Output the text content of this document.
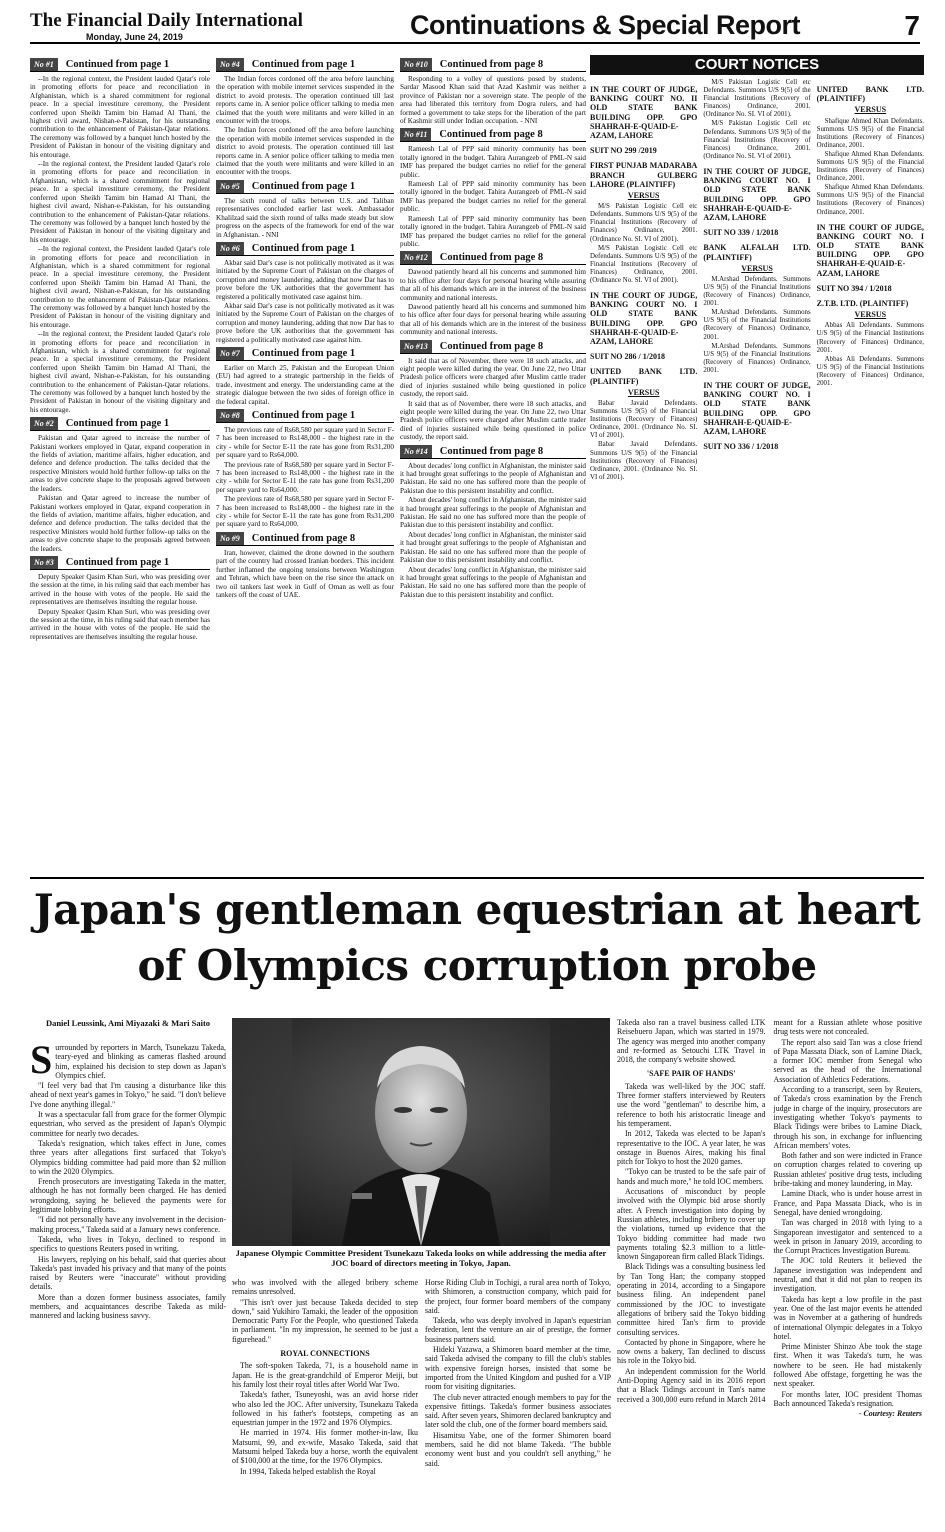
The Financial Daily International
Monday, June 24, 2019	Continuations & Special Report	7
No #1	Continued from page 1

--In the regional context, the President lauded Qatar's role in promoting efforts for peace and reconciliation in Afghanistan, which is a shared commitment for regional peace. In a special investiture ceremony, the President conferred upon Sheikh Tamim bin Hamad Al Thani, the highest civil award, Nishan-e-Pakistan, for his outstanding contribution to the enhancement of Pakistan-Qatar relations. The ceremony was followed by a banquet lunch hosted by the President of Pakistan in honour of the visiting dignitary and his entourage.

--In the regional context, the President lauded Qatar's role in promoting efforts for peace and reconciliation in Afghanistan, which is a shared commitment for regional peace. In a special investiture ceremony, the President conferred upon Sheikh Tamim bin Hamad Al Thani, the highest civil award, Nishan-e-Pakistan, for his outstanding contribution to the enhancement of Pakistan-Qatar relations. The ceremony was followed by a banquet lunch hosted by the President of Pakistan in honour of the visiting dignitary and his entourage.

--In the regional context, the President lauded Qatar's role in promoting efforts for peace and reconciliation in Afghanistan, which is a shared commitment for regional peace. In a special investiture ceremony, the President conferred upon Sheikh Tamim bin Hamad Al Thani, the highest civil award, Nishan-e-Pakistan, for his outstanding contribution to the enhancement of Pakistan-Qatar relations. The ceremony was followed by a banquet lunch hosted by the President of Pakistan in honour of the visiting dignitary and his entourage.

--In the regional context, the President lauded Qatar's role in promoting efforts for peace and reconciliation in Afghanistan, which is a shared commitment for regional peace. In a special investiture ceremony, the President conferred upon Sheikh Tamim bin Hamad Al Thani, the highest civil award, Nishan-e-Pakistan, for his outstanding contribution to the enhancement of Pakistan-Qatar relations. The ceremony was followed by a banquet lunch hosted by the President of Pakistan in honour of the visiting dignitary and his entourage.

No #2	Continued from page 1

Pakistan and Qatar agreed to increase the number of Pakistani workers employed in Qatar, expand cooperation in the fields of aviation, maritime affairs, higher education, and defence and defence production. The talks decided that the respective Ministers would hold further follow-up talks on the areas to give concrete shape to the proposals agreed between the leaders.

Pakistan and Qatar agreed to increase the number of Pakistani workers employed in Qatar, expand cooperation in the fields of aviation, maritime affairs, higher education, and defence and defence production. The talks decided that the respective Ministers would hold further follow-up talks on the areas to give concrete shape to the proposals agreed between the leaders.

No #3	Continued from page 1

Deputy Speaker Qasim Khan Suri, who was presiding over the session at the time, in his ruling said that each member has arrived in the house with votes of the people. He said the representatives are themselves insulting the regular house.

Deputy Speaker Qasim Khan Suri, who was presiding over the session at the time, in his ruling said that each member has arrived in the house with votes of the people. He said the representatives are themselves insulting the regular house.

No #4	Continued from page 1

The Indian forces cordoned off the area before launching the operation with mobile internet services suspended in the district to avoid protests. The operation continued till last reports came in. A senior police officer talking to media men claimed that the youth were militants and were killed in an encounter with the troops.

The Indian forces cordoned off the area before launching the operation with mobile internet services suspended in the district to avoid protests. The operation continued till last reports came in. A senior police officer talking to media men claimed that the youth were militants and were killed in an encounter with the troops.

No #5	Continued from page 1

The sixth round of talks between U.S. and Taliban representatives concluded earlier last week. Ambassador Khalilzad said the sixth round of talks made steady but slow progress on the aspects of the framework for end of the war in Afghanistan. - NNI

No #6	Continued from page 1

Akbar said Dar's case is not politically motivated as it was initiated by the Supreme Court of Pakistan on the charges of corruption and money laundering, adding that now Dar has to prove before the UK authorities that the government has registered a politically motivated case against him.

Akbar said Dar's case is not politically motivated as it was initiated by the Supreme Court of Pakistan on the charges of corruption and money laundering, adding that now Dar has to prove before the UK authorities that the government has registered a politically motivated case against him.

No #7	Continued from page 1

Earlier on March 25, Pakistan and the European Union (EU) had agreed to a strategic partnership in the fields of trade, investment and energy. The understanding came at the strategic dialogue between the two sides of foreign office in the federal capital.

No #8	Continued from page 1

The previous rate of Rs68,580 per square yard in Sector F-7 has been increased to Rs148,000 - the highest rate in the city - while for Sector E-11 the rate has gone from Rs31,200 per square yard to Rs64,000.

The previous rate of Rs68,580 per square yard in Sector F-7 has been increased to Rs148,000 - the highest rate in the city - while for Sector E-11 the rate has gone from Rs31,200 per square yard to Rs64,000.

The previous rate of Rs68,580 per square yard in Sector F-7 has been increased to Rs148,000 - the highest rate in the city - while for Sector E-11 the rate has gone from Rs31,200 per square yard to Rs64,000.

No #9	Continued from page 8

Iran, however, claimed the drone downed in the southern part of the country had crossed Iranian borders. This incident further inflamed the ongoing tensions between Washington and Tehran, which have been on the rise since the attack on two oil tankers last week in Gulf of Oman as well as four tankers off the coast of UAE.

No #10	Continued from page 8

Responding to a volley of questions posed by students, Sardar Masood Khan said that Azad Kashmir was neither a province of Pakistan nor a sovereign state. The people of the area had liberated this territory from Dogra rulers, and had formed a government to take steps for the liberation of the part of Kashmir still under Indian occupation. - NNI

No #11	Continued from page 8

Rameesh Lal of PPP said minority community has been totally ignored in the budget. Tahira Aurangzeb of PML-N said IMF has prepared the budget carries no relief for the general public.

Rameesh Lal of PPP said minority community has been totally ignored in the budget. Tahira Aurangzeb of PML-N said IMF has prepared the budget carries no relief for the general public.

Rameesh Lal of PPP said minority community has been totally ignored in the budget. Tahira Aurangzeb of PML-N said IMF has prepared the budget carries no relief for the general public.

No #12	Continued from page 8

Dawood patiently heard all his concerns and summoned him to his office after four days for personal hearing while assuring that all of his demands which are in the interest of the business community and national interests.

Dawood patiently heard all his concerns and summoned him to his office after four days for personal hearing while assuring that all of his demands which are in the interest of the business community and national interests.

No #13	Continued from page 8

It said that as of November, there were 18 such attacks, and eight people were killed during the year. On June 22, two Uttar Pradesh police officers were charged after Muslim cattle trader died of injuries sustained while being questioned in police custody, the report said.

It said that as of November, there were 18 such attacks, and eight people were killed during the year. On June 22, two Uttar Pradesh police officers were charged after Muslim cattle trader died of injuries sustained while being questioned in police custody, the report said.

No #14	Continued from page 8

About decades' long conflict in Afghanistan, the minister said it had brought great sufferings to the people of Afghanistan and Pakistan. He said no one has suffered more than the people of Pakistan due to this persistent instability and conflict.

About decades' long conflict in Afghanistan, the minister said it had brought great sufferings to the people of Afghanistan and Pakistan. He said no one has suffered more than the people of Pakistan due to this persistent instability and conflict.

About decades' long conflict in Afghanistan, the minister said it had brought great sufferings to the people of Afghanistan and Pakistan. He said no one has suffered more than the people of Pakistan due to this persistent instability and conflict.

About decades' long conflict in Afghanistan, the minister said it had brought great sufferings to the people of Afghanistan and Pakistan. He said no one has suffered more than the people of Pakistan due to this persistent instability and conflict.

COURT NOTICES
IN THE COURT OF JUDGE, BANKING COURT NO. II OLD STATE BANK BUILDING OPP. GPO SHAHRAH-E-QUAID-E-AZAM, LAHORE
SUIT NO 299 /2019
FIRST PUNJAB MADARABA BRANCH GULBERG LAHORE (PLAINTIFF)
VERSUS

M/S Pakistan Logistic Cell etc Defendants. Summons U/S 9(5) of the Financial Institutions (Recovery of Finances) Ordinance, 2001. (Ordinance No. SI. VI of 2001).

M/S Pakistan Logistic Cell etc Defendants. Summons U/S 9(5) of the Financial Institutions (Recovery of Finances) Ordinance, 2001. (Ordinance No. SI. VI of 2001).

IN THE COURT OF JUDGE, BANKING COURT NO. I OLD STATE BANK BUILDING OPP. GPO SHAHRAH-E-QUAID-E-AZAM, LAHORE
SUIT NO 286 / 1/2018
UNITED BANK LTD. (PLAINTIFF)
VERSUS

Babar Javaid Defendants. Summons U/S 9(5) of the Financial Institutions (Recovery of Finances) Ordinance, 2001. (Ordinance No. SI. VI of 2001).

Babar Javaid Defendants. Summons U/S 9(5) of the Financial Institutions (Recovery of Finances) Ordinance, 2001. (Ordinance No. SI. VI of 2001).

M/S Pakistan Logistic Cell etc Defendants. Summons U/S 9(5) of the Financial Institutions (Recovery of Finances) Ordinance, 2001. (Ordinance No. SI. VI of 2001).

M/S Pakistan Logistic Cell etc Defendants. Summons U/S 9(5) of the Financial Institutions (Recovery of Finances) Ordinance, 2001. (Ordinance No. SI. VI of 2001).

IN THE COURT OF JUDGE, BANKING COURT NO. I OLD STATE BANK BUILDING OPP. GPO SHAHRAH-E-QUAID-E-AZAM, LAHORE
SUIT NO 339 / 1/2018
BANK ALFALAH LTD. (PLAINTIFF)
VERSUS

M.Arshad Defendants. Summons U/S 9(5) of the Financial Institutions (Recovery of Finances) Ordinance, 2001.

M.Arshad Defendants. Summons U/S 9(5) of the Financial Institutions (Recovery of Finances) Ordinance, 2001.

M.Arshad Defendants. Summons U/S 9(5) of the Financial Institutions (Recovery of Finances) Ordinance, 2001.

IN THE COURT OF JUDGE, BANKING COURT NO. I OLD STATE BANK BUILDING OPP. GPO SHAHRAH-E-QUAID-E-AZAM, LAHORE
SUIT NO 336 / 1/2018
UNITED BANK LTD. (PLAINTIFF)
VERSUS

Shafique Ahmed Khan Defendants. Summons U/S 9(5) of the Financial Institutions (Recovery of Finances) Ordinance, 2001.

Shafique Ahmed Khan Defendants. Summons U/S 9(5) of the Financial Institutions (Recovery of Finances) Ordinance, 2001.

Shafique Ahmed Khan Defendants. Summons U/S 9(5) of the Financial Institutions (Recovery of Finances) Ordinance, 2001.

IN THE COURT OF JUDGE, BANKING COURT NO. I OLD STATE BANK BUILDING OPP. GPO SHAHRAH-E-QUAID-E-AZAM, LAHORE
SUIT NO 394 / 1/2018
Z.T.B. LTD. (PLAINTIFF)
VERSUS

Abbas Ali Defendants. Summons U/S 9(5) of the Financial Institutions (Recovery of Finances) Ordinance, 2001.

Abbas Ali Defendants. Summons U/S 9(5) of the Financial Institutions (Recovery of Finances) Ordinance, 2001.

Japan's gentleman equestrian at heart of Olympics corruption probe
Daniel Leussink, Ami Miyazaki & Mari Saito
S urrounded by reporters in March, Tsunekazu Takeda, teary-eyed and blinking as cameras flashed around him, explained his decision to step down as Japan's Olympics chief.

"I feel very bad that I'm causing a disturbance like this ahead of next year's games in Tokyo," he said. "I don't believe I've done anything illegal."

It was a spectacular fall from grace for the former Olympic equestrian, who served as the president of Japan's Olympic committee for nearly two decades.

Takeda's resignation, which takes effect in June, comes three years after allegations first surfaced that Tokyo's Olympics bidding committee had paid more than $2 million to win the 2020 Olympics.

French prosecutors are investigating Takeda in the matter, although he has not formally been charged. He has denied wrongdoing, saying he believed the payments were for legitimate lobbying efforts.

"I did not personally have any involvement in the decision-making process," Takeda said at a January news conference.

Takeda, who lives in Tokyo, declined to respond in specifics to questions Reuters posed in writing.

His lawyers, replying on his behalf, said that queries about Takeda's past invaded his privacy and that many of the points raised by Reuters were "inaccurate" without providing details.

More than a dozen former business associates, family members, and acquaintances describe Takeda as mild-mannered and lacking business savvy.

Japanese Olympic Committee President Tsunekazu Takeda looks on while addressing the media after JOC board of directors meeting in Tokyo, Japan.

who was involved with the alleged bribery scheme remains unresolved.

"This isn't over just because Takeda decided to step down," said Yukihiro Tamaki, the leader of the opposition Democratic Party For the People, who questioned Takeda in parliament. "In my impression, he seemed to be just a figurehead."

ROYAL CONNECTIONS

The soft-spoken Takeda, 71, is a household name in Japan. He is the great-grandchild of Emperor Meiji, but his family lost their royal titles after World War Two.

Takeda's father, Tsuneyoshi, was an avid horse rider who also led the JOC. After university, Tsunekazu Takeda followed in his father's footsteps, competing as an equestrian jumper in the 1972 and 1976 Olympics.

He married in 1974. His former mother-in-law, Iku Matsumi, 99, and ex-wife, Masako Takeda, said that Matsumi helped Takeda buy a horse, worth the equivalent of $100,000 at the time, for the 1976 Olympics.

In 1994, Takeda helped establish the Royal

Horse Riding Club in Tochigi, a rural area north of Tokyo, with Shimoren, a construction company, which paid for the project, four former board members of the company said.

Takeda, who was deeply involved in Japan's equestrian federation, lent the venture an air of prestige, the former business partners said.

Hideki Yazawa, a Shimoren board member at the time, said Takeda advised the company to fill the club's stables with expensive foreign horses, insisted that some be imported from the United Kingdom and pushed for a VIP room for visiting dignitaries.

The club never attracted enough members to pay for the expensive fittings. Takeda's former business associates said. After seven years, Shimoren declared bankruptcy and later sold the club, one of the former board members said.

Hisamitsu Yabe, one of the former Shimoren board members, said he did not blame Takeda. "The bubble economy went bust and you couldn't sell anything," he said.

Takeda also ran a travel business called LTK Reisebuero Japan, which was started in 1979. The agency was merged into another company and re-formed as Setouchi LTK Travel in 2018, the company's website showed.

'SAFE PAIR OF HANDS'

Takeda was well-liked by the JOC staff. Three former staffers interviewed by Reuters use the word "gentleman" to describe him, a reference to both his aristocratic lineage and his temperament.

In 2012, Takeda was elected to be Japan's representative to the IOC. A year later, he was onstage in Buenos Aires, making his final pitch for Tokyo to host the 2020 games.

"Tokyo can be trusted to be the safe pair of hands and much more," he told IOC members.

Accusations of misconduct by people involved with the Olympic bid arose shortly after. A French investigation into doping by Russian athletes, including bribery to cover up the violations, turned up evidence that the Tokyo bidding committee had made two payments totaling $2.3 million to a little-known Singaporean firm called Black Tidings.

Black Tidings was a consulting business led by Tan Tong Han; the company stopped operating in 2014, according to a Singapore business filing. An independent panel commissioned by the JOC to investigate allegations of bribery said the Tokyo bidding committee hired Tan's firm to provide consulting services.

Contacted by phone in Singapore, where he now owns a bakery, Tan declined to discuss his role in the Tokyo bid.

An independent commission for the World Anti-Doping Agency said in its 2016 report that a Black Tidings account in Tan's name received a 300,000 euro refund in March 2014 meant for a Russian athlete whose positive drug tests were not concealed.

The report also said Tan was a close friend of Papa Massata Diack, son of Lamine Diack, a former IOC member from Senegal who served as the head of the International Association of Athletics Federations.

According to a transcript, seen by Reuters, of Takeda's cross examination by the French judge in charge of the inquiry, prosecutors are investigating whether Tokyo's payments to Black Tidings were bribes to Lamine Diack, through his son, in exchange for influencing African members' votes.

Both father and son were indicted in France on corruption charges related to covering up Russian athletes' positive drug tests, including bribe-taking and money laundering, in May.

Lamine Diack, who is under house arrest in France, and Papa Massata Diack, who is in Senegal, have denied wrongdoing.

Tan was charged in 2018 with lying to a Singaporean investigator and sentenced to a week in prison in January 2019, according to the Corrupt Practices Investigation Bureau.

The JOC told Reuters it believed the Japanese investigation was independent and neutral, and that it did not plan to reopen its investigation.

Takeda has kept a low profile in the past year. One of the last major events he attended was in November at a gathering of hundreds of international Olympic delegates in a Tokyo hotel.

Prime Minister Shinzo Abe took the stage first. When it was Takeda's turn, he was nowhere to be seen. He had mistakenly followed Abe offstage, forgetting he was the next speaker.

For months later, IOC president Thomas Bach announced Takeda's resignation.

- Courtesy: Reuters
